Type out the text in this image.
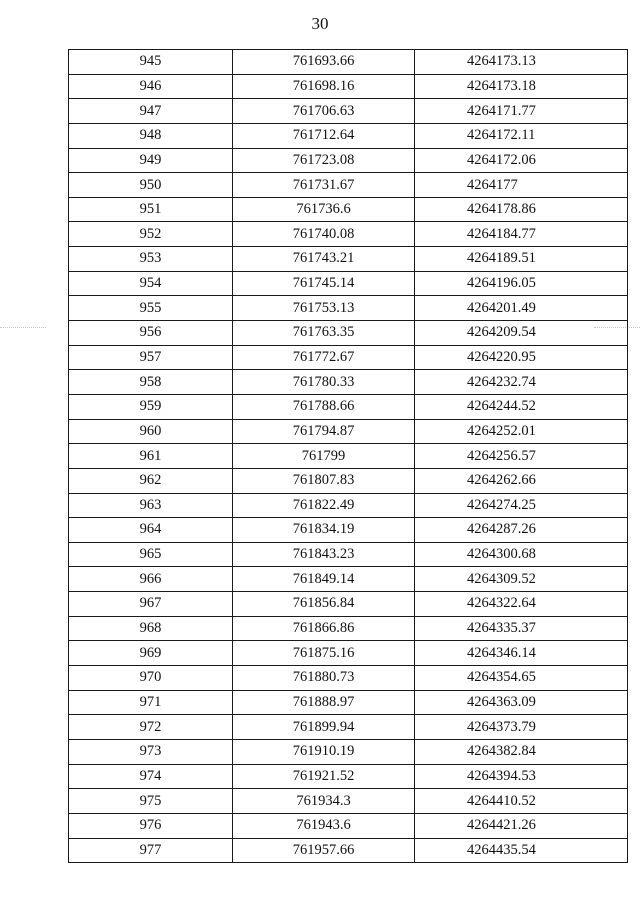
30
945	761693.66	4264173.13
946	761698.16	4264173.18
947	761706.63	4264171.77
948	761712.64	4264172.11
949	761723.08	4264172.06
950	761731.67	4264177
951	761736.6	4264178.86
952	761740.08	4264184.77
953	761743.21	4264189.51
954	761745.14	4264196.05
955	761753.13	4264201.49
956	761763.35	4264209.54
957	761772.67	4264220.95
958	761780.33	4264232.74
959	761788.66	4264244.52
960	761794.87	4264252.01
961	761799	4264256.57
962	761807.83	4264262.66
963	761822.49	4264274.25
964	761834.19	4264287.26
965	761843.23	4264300.68
966	761849.14	4264309.52
967	761856.84	4264322.64
968	761866.86	4264335.37
969	761875.16	4264346.14
970	761880.73	4264354.65
971	761888.97	4264363.09
972	761899.94	4264373.79
973	761910.19	4264382.84
974	761921.52	4264394.53
975	761934.3	4264410.52
976	761943.6	4264421.26
977	761957.66	4264435.54
